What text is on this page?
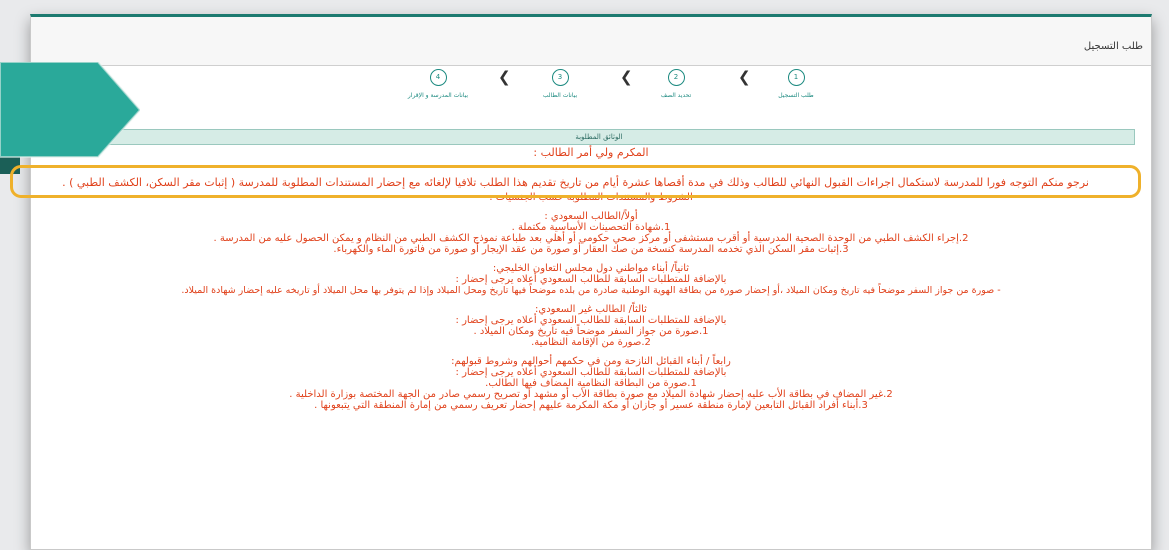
طلب التسجيل
1
طلب التسجيل
❮
2
تحديد الصف
❮
3
بيانات الطالب
❮
4
بيانات المدرسة و الإقرار
الوثائق المطلوبة
المكرم ولي أمر الطالب :
الشروط والمستندات المطلوبة حسب الجنسيات :
أولاً/الطالب السعودي :
1.شهادة التحصينات الأساسية مكتملة .
2.إجراء الكشف الطبي من الوحدة الصحية المدرسية أو أقرب مستشفى أو مركز صحي حكومي أو أهلي بعد طباعة نموذج الكشف الطبي من النظام و يمكن الحصول عليه من المدرسة .
3.إثبات مقر السكن الذي تخدمه المدرسة كنسخة من صك العقار أو صورة من عقد الإيجار أو صورة من فاتورة الماء والكهرباء.
ثانياً/ أبناء مواطني دول مجلس التعاون الخليجي:
بالإضافة للمتطلبات السابقة للطالب السعودي أعلاه يرجى إحضار :
- صورة من جواز السفر موضحاً فيه تاريخ ومكان الميلاد ،أو إحضار صورة من بطاقة الهوية الوطنية صادرة من بلده موضحاً فيها تاريخ ومحل الميلاد وإذا لم يتوفر بها محل الميلاد أو تاريخه عليه إحضار شهادة الميلاد.
ثالثاً/ الطالب غير السعودي:
بالإضافة للمتطلبات السابقة للطالب السعودي أعلاه يرجى إحضار :
1.صورة من جواز السفر موضحاً فيه تاريخ ومكان الميلاد .
2.صورة من الإقامة النظامية.
رابعاً / أبناء القبائل النازحة ومن في حكمهم أحوالهم وشروط قبولهم:
بالإضافة للمتطلبات السابقة للطالب السعودي أعلاه يرجى إحضار :
1.صورة من البطاقة النظامية المضاف فيها الطالب.
2.غير المضاف في بطاقة الأب عليه إحضار شهادة الميلاد مع صورة بطاقة الأب أو مشهد أو تصريح رسمي صادر من الجهة المختصة بوزارة الداخلية .
3.أبناء أفراد القبائل التابعين لإمارة منطقة عسير أو جازان أو مكة المكرمة عليهم إحضار تعريف رسمي من إمارة المنطقة التي يتبعونها .
نرجو منكم التوجه فورا للمدرسة لاستكمال اجراءات القبول النهائي للطالب وذلك في مدة أقصاها عشرة أيام من تاريخ تقديم هذا الطلب تلافيا لإلغائه مع إحضار المستندات المطلوبة للمدرسة ( إثبات مقر السكن، الكشف الطبي ) .
